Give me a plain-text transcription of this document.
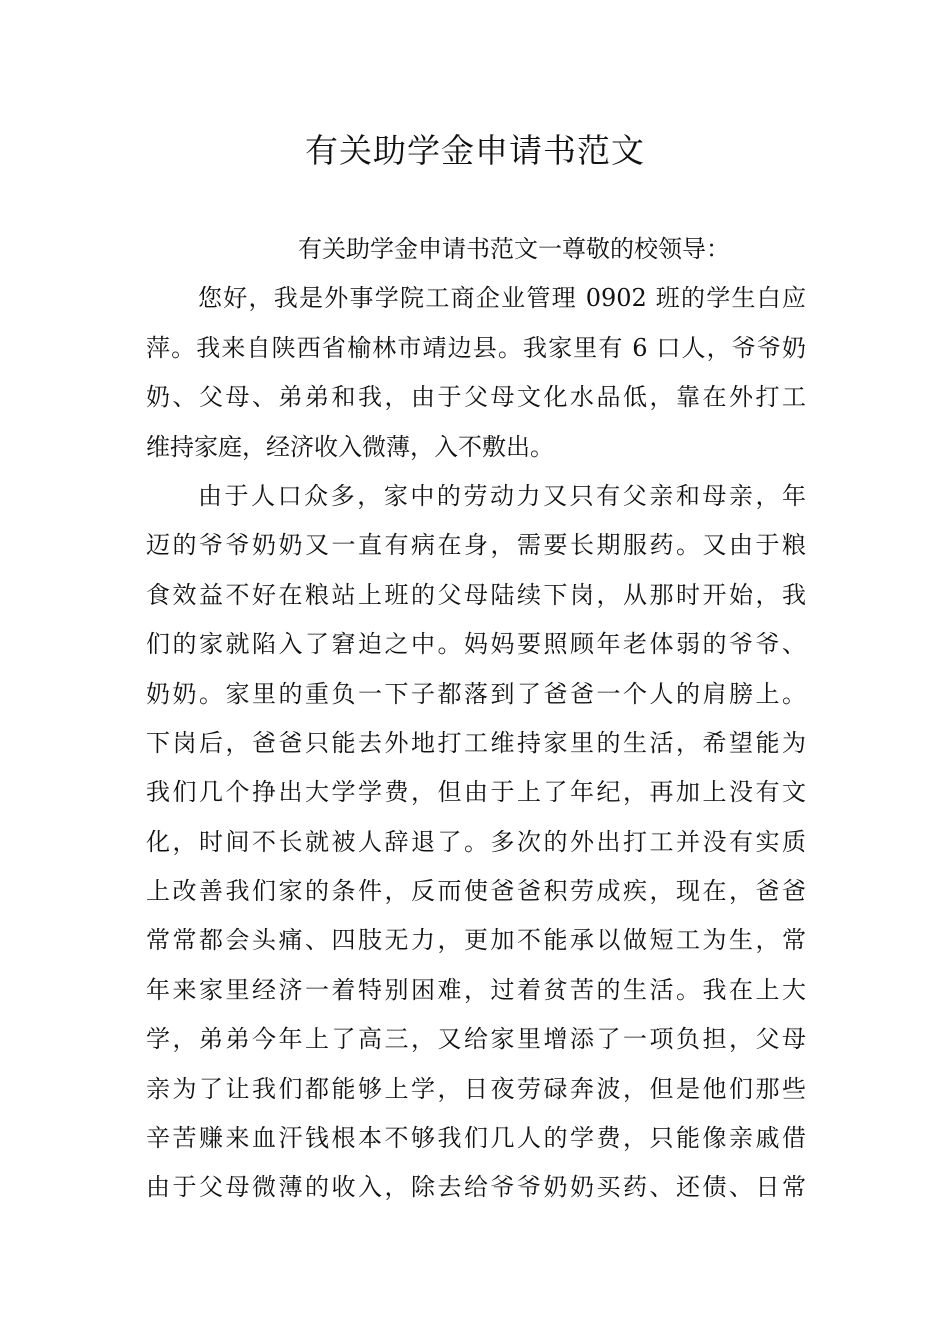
有关助学金申请书范文
有关助学金申请书范文一尊敬的校领导：
您好，我是外事学院工商企业管理 0902 班的学生白应
萍。我来自陕西省榆林市靖边县。我家里有 6 口人，爷爷奶
奶、父母、弟弟和我，由于父母文化水品低，靠在外打工
维持家庭，经济收入微薄，入不敷出。
由于人口众多，家中的劳动力又只有父亲和母亲，年
迈的爷爷奶奶又一直有病在身，需要长期服药。又由于粮
食效益不好在粮站上班的父母陆续下岗，从那时开始，我
们的家就陷入了窘迫之中。妈妈要照顾年老体弱的爷爷、
奶奶。家里的重负一下子都落到了爸爸一个人的肩膀上。
下岗后，爸爸只能去外地打工维持家里的生活，希望能为
我们几个挣出大学学费，但由于上了年纪，再加上没有文
化，时间不长就被人辞退了。多次的外出打工并没有实质
上改善我们家的条件，反而使爸爸积劳成疾，现在，爸爸
常常都会头痛、四肢无力，更加不能承以做短工为生，常
年来家里经济一着特别困难，过着贫苦的生活。我在上大
学，弟弟今年上了高三，又给家里增添了一项负担，父母
亲为了让我们都能够上学，日夜劳碌奔波，但是他们那些
辛苦赚来血汗钱根本不够我们几人的学费，只能像亲戚借
由于父母微薄的收入，除去给爷爷奶奶买药、还债、日常
